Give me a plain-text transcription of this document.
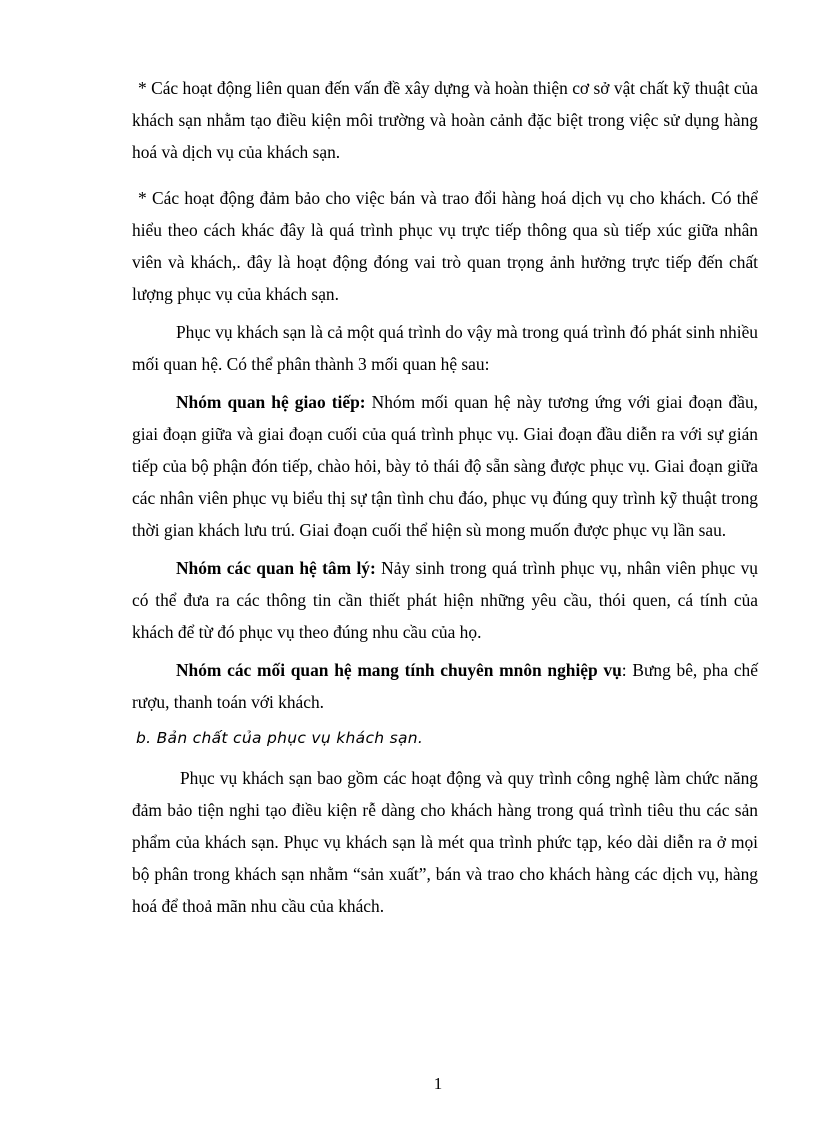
* Các hoạt động liên quan đến vấn đề xây dựng và hoàn thiện cơ sở vật chất kỹ thuật của khách sạn nhằm tạo điều kiện môi trường và hoàn cảnh đặc biệt trong việc sử dụng hàng hoá và dịch vụ của khách sạn.

* Các hoạt động đảm bảo cho việc bán và trao đổi hàng hoá dịch vụ cho khách. Có thể hiểu theo cách khác đây là quá trình phục vụ trực tiếp thông qua sù tiếp xúc giữa nhân viên và khách,. đây là hoạt động đóng vai trò quan trọng ảnh hưởng trực tiếp đến chất lượng phục vụ của khách sạn.

Phục vụ khách sạn là cả một quá trình do vậy mà trong quá trình đó phát sinh nhiều mối quan hệ. Có thể phân thành 3 mối quan hệ sau:

Nhóm quan hệ giao tiếp: Nhóm mối quan hệ này tương ứng với giai đoạn đầu, giai đoạn giữa và giai đoạn cuối của quá trình phục vụ. Giai đoạn đầu diễn ra với sự gián tiếp của bộ phận đón tiếp, chào hỏi, bày tỏ thái độ sẵn sàng được phục vụ. Giai đoạn giữa các nhân viên phục vụ biểu thị sự tận tình chu đáo, phục vụ đúng quy trình kỹ thuật trong thời gian khách lưu trú. Giai đoạn cuối thể hiện sù mong muốn được phục vụ lần sau.

Nhóm các quan hệ tâm lý: Nảy sinh trong quá trình phục vụ, nhân viên phục vụ có thể đưa ra các thông tin cần thiết phát hiện những yêu cầu, thói quen, cá tính của khách để từ đó phục vụ theo đúng nhu cầu của họ.

Nhóm các mối quan hệ mang tính chuyên mnôn nghiệp vụ: Bưng bê, pha chế rượu, thanh toán với khách.

b. Bản chất của phục vụ khách sạn.

Phục vụ khách sạn bao gồm các hoạt động và quy trình công nghệ làm chức năng đảm bảo tiện nghi tạo điều kiện rễ dàng cho khách hàng trong quá trình tiêu thu các sản phẩm của khách sạn. Phục vụ khách sạn là mét qua trình phức tạp, kéo dài diễn ra ở mọi bộ phân trong khách sạn nhằm “sản xuất”, bán và trao cho khách hàng các dịch vụ, hàng hoá để thoả mãn nhu cầu của khách.

1
